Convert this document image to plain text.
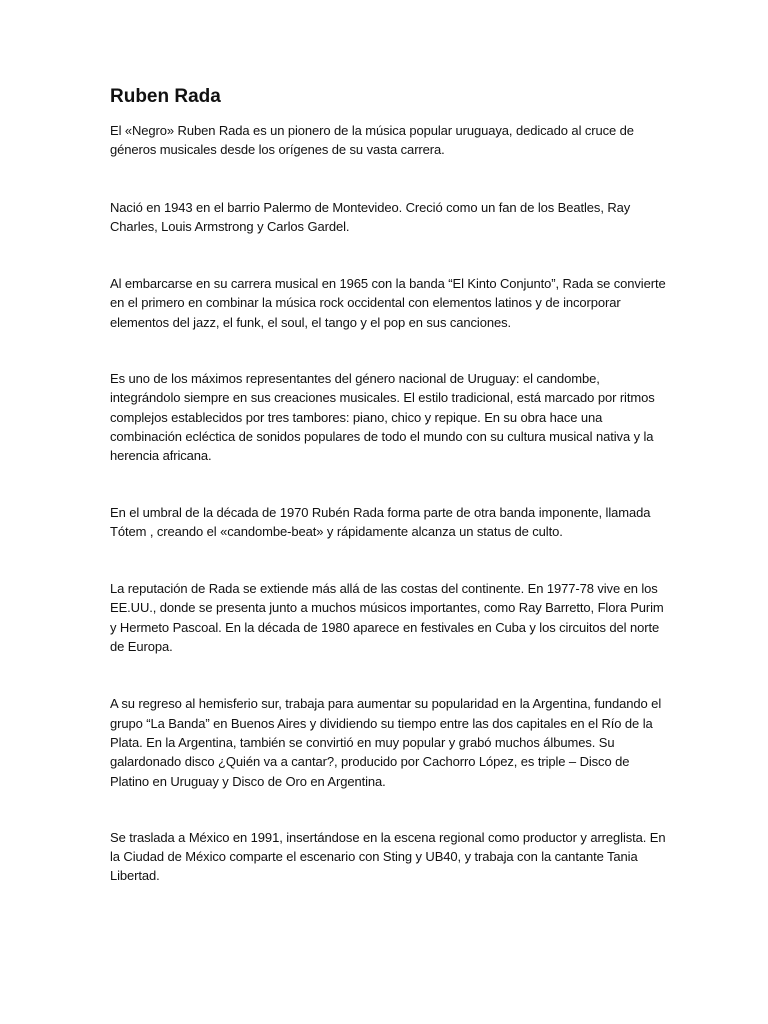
Ruben Rada

El «Negro» Ruben Rada es un pionero de la música popular uruguaya, dedicado al cruce de géneros musicales desde los orígenes de su vasta carrera.

Nació en 1943 en el barrio Palermo de Montevideo. Creció como un fan de los Beatles, Ray Charles, Louis Armstrong y Carlos Gardel.

Al embarcarse en su carrera musical en 1965 con la banda “El Kinto Conjunto”, Rada se convierte en el primero en combinar la música rock occidental con elementos latinos y de incorporar elementos del jazz, el funk, el soul, el tango y el pop en sus canciones.

Es uno de los máximos representantes del género nacional de Uruguay: el candombe, integrándolo siempre en sus creaciones musicales. El estilo tradicional, está marcado por ritmos complejos establecidos por tres tambores: piano, chico y repique. En su obra hace una combinación ecléctica de sonidos populares de todo el mundo con su cultura musical nativa y la herencia africana.

En el umbral de la década de 1970 Rubén Rada forma parte de otra banda imponente, llamada Tótem , creando el «candombe-beat» y rápidamente alcanza un status de culto.

La reputación de Rada se extiende más allá de las costas del continente. En 1977-78 vive en los EE.UU., donde se presenta junto a muchos músicos importantes, como Ray Barretto, Flora Purim y Hermeto Pascoal. En la década de 1980 aparece en festivales en Cuba y los circuitos del norte de Europa.

A su regreso al hemisferio sur, trabaja para aumentar su popularidad en la Argentina, fundando el grupo “La Banda” en Buenos Aires y dividiendo su tiempo entre las dos capitales en el Río de la Plata. En la Argentina, también se convirtió en muy popular y grabó muchos álbumes. Su galardonado disco ¿Quién va a cantar?, producido por Cachorro López, es triple – Disco de Platino en Uruguay y Disco de Oro en Argentina.

Se traslada a México en 1991, insertándose en la escena regional como productor y arreglista. En la Ciudad de México comparte el escenario con Sting y UB40, y trabaja con la cantante Tania Libertad.
